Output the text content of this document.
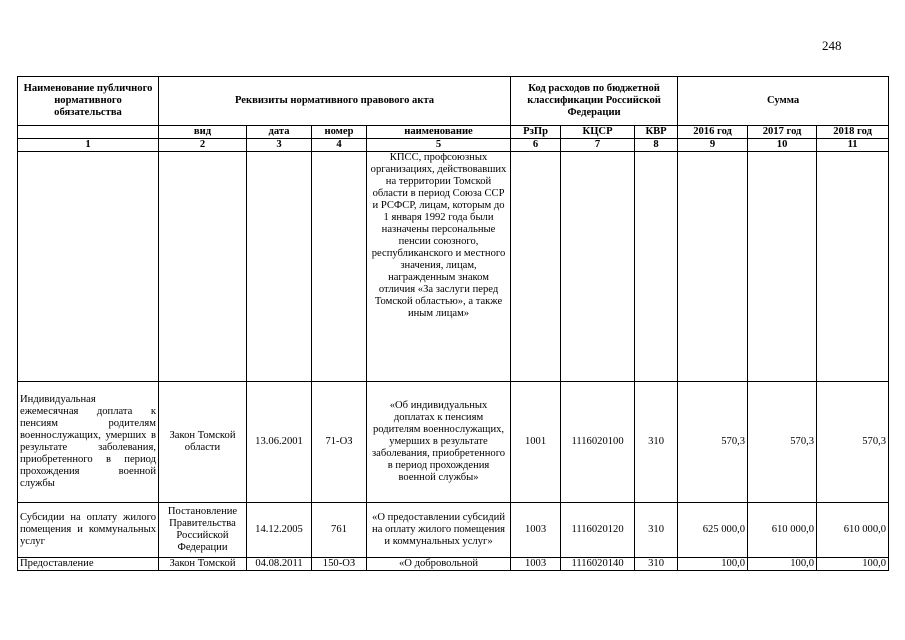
248
Наименование публичного нормативного обязательства	Реквизиты нормативного правового акта				Код расходов по бюджетной классификации Российской Федерации			Сумма		
	вид	дата	номер	наименование	РзПр	КЦСР	КВР	2016 год	2017 год	2018 год
1	2	3	4	5	6	7	8	9	10	11
				КПСС, профсоюзных организациях, действовавших на территории Томской области в период Союза ССР и РСФСР, лицам, которым до 1 января 1992 года были назначены персональные пенсии союзного, республиканского и местного значения, лицам, награжденным знаком отличия «За заслуги перед Томской областью», а также иным лицам»						
Индивидуальная ежемесячная доплата к пенсиям родителям военнослужащих, умерших в результате заболевания, приобретенного в период прохождения военной службы	Закон Томской области	13.06.2001	71-ОЗ	«Об индивидуальных доплатах к пенсиям родителям военнослужащих, умерших в результате заболевания, приобретенного в период прохождения военной службы»	1001	1116020100	310	570,3	570,3	570,3
Субсидии на оплату жилого помещения и коммунальных услуг	Постановление Правительства Российской Федерации	14.12.2005	761	«О предоставлении субсидий на оплату жилого помещения и коммунальных услуг»	1003	1116020120	310	625 000,0	610 000,0	610 000,0
Предоставление	Закон Томской	04.08.2011	150-ОЗ	«О добровольной	1003	1116020140	310	100,0	100,0	100,0
